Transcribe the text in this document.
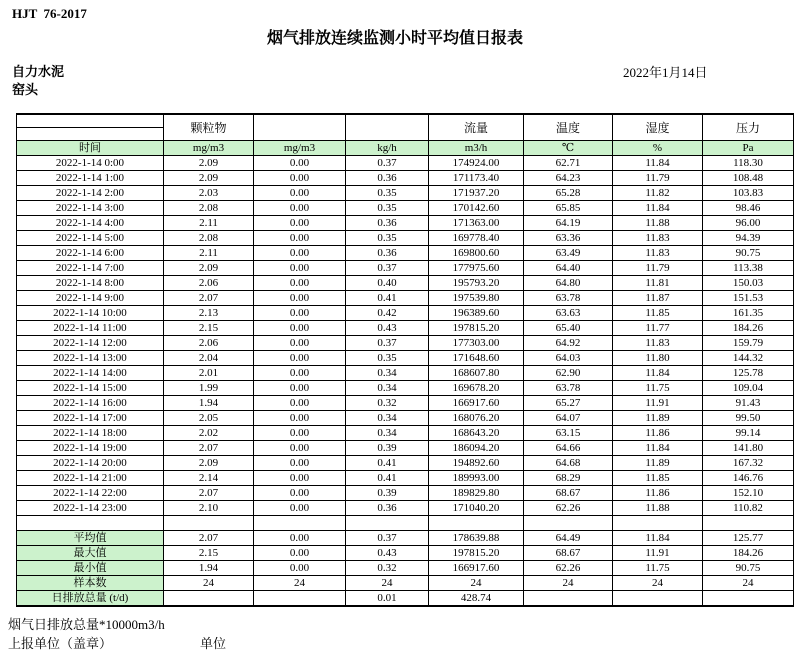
HJT  76-2017
烟气排放连续监测小时平均值日报表
自力水泥
窑头
2022年1月14日
	颗粒物			流量	温度	湿度	压力

时间	mg/m3	mg/m3	kg/h	m3/h	℃	%	Pa
2022-1-14 0:00	2.09	0.00	0.37	174924.00	62.71	11.84	118.30
2022-1-14 1:00	2.09	0.00	0.36	171173.40	64.23	11.79	108.48
2022-1-14 2:00	2.03	0.00	0.35	171937.20	65.28	11.82	103.83
2022-1-14 3:00	2.08	0.00	0.35	170142.60	65.85	11.84	98.46
2022-1-14 4:00	2.11	0.00	0.36	171363.00	64.19	11.88	96.00
2022-1-14 5:00	2.08	0.00	0.35	169778.40	63.36	11.83	94.39
2022-1-14 6:00	2.11	0.00	0.36	169800.60	63.49	11.83	90.75
2022-1-14 7:00	2.09	0.00	0.37	177975.60	64.40	11.79	113.38
2022-1-14 8:00	2.06	0.00	0.40	195793.20	64.80	11.81	150.03
2022-1-14 9:00	2.07	0.00	0.41	197539.80	63.78	11.87	151.53
2022-1-14 10:00	2.13	0.00	0.42	196389.60	63.63	11.85	161.35
2022-1-14 11:00	2.15	0.00	0.43	197815.20	65.40	11.77	184.26
2022-1-14 12:00	2.06	0.00	0.37	177303.00	64.92	11.83	159.79
2022-1-14 13:00	2.04	0.00	0.35	171648.60	64.03	11.80	144.32
2022-1-14 14:00	2.01	0.00	0.34	168607.80	62.90	11.84	125.78
2022-1-14 15:00	1.99	0.00	0.34	169678.20	63.78	11.75	109.04
2022-1-14 16:00	1.94	0.00	0.32	166917.60	65.27	11.91	91.43
2022-1-14 17:00	2.05	0.00	0.34	168076.20	64.07	11.89	99.50
2022-1-14 18:00	2.02	0.00	0.34	168643.20	63.15	11.86	99.14
2022-1-14 19:00	2.07	0.00	0.39	186094.20	64.66	11.84	141.80
2022-1-14 20:00	2.09	0.00	0.41	194892.60	64.68	11.89	167.32
2022-1-14 21:00	2.14	0.00	0.41	189993.00	68.29	11.85	146.76
2022-1-14 22:00	2.07	0.00	0.39	189829.80	68.67	11.86	152.10
2022-1-14 23:00	2.10	0.00	0.36	171040.20	62.26	11.88	110.82

平均值	2.07	0.00	0.37	178639.88	64.49	11.84	125.77
最大值	2.15	0.00	0.43	197815.20	68.67	11.91	184.26
最小值	1.94	0.00	0.32	166917.60	62.26	11.75	90.75
样本数	24	24	24	24	24	24	24
日排放总量 (t/d)			0.01	428.74			
烟气日排放总量*10000m3/h
上报单位（盖章）	单位
